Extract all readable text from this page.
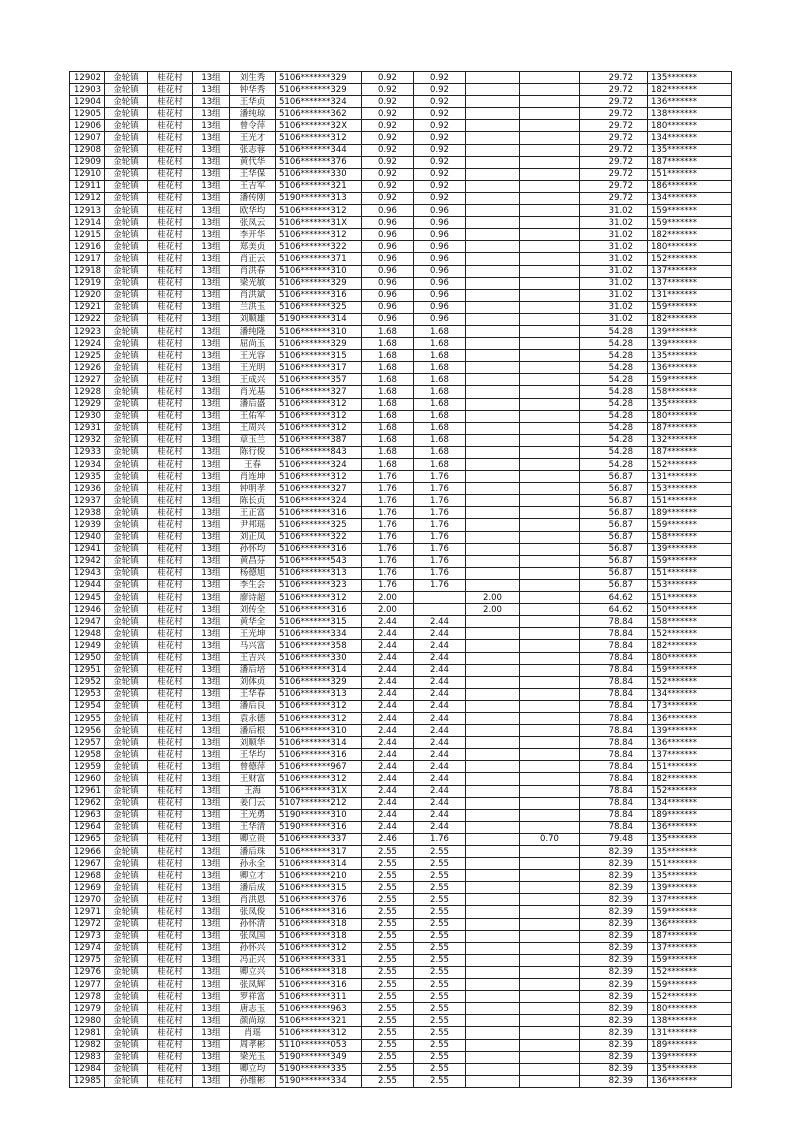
12902	金轮镇	桂花村	13组	刘生秀	5106*******329	0.92	0.92			29.72	135*******
12903	金轮镇	桂花村	13组	钟华秀	5106*******329	0.92	0.92			29.72	182*******
12904	金轮镇	桂花村	13组	王华贞	5106*******324	0.92	0.92			29.72	136*******
12905	金轮镇	桂花村	13组	潘纯琼	5106*******362	0.92	0.92			29.72	138*******
12906	金轮镇	桂花村	13组	曾令萍	5106*******32X	0.92	0.92			29.72	180*******
12907	金轮镇	桂花村	13组	王光才	5106*******312	0.92	0.92			29.72	134*******
12908	金轮镇	桂花村	13组	张志蓉	5106*******344	0.92	0.92			29.72	135*******
12909	金轮镇	桂花村	13组	黄代华	5106*******376	0.92	0.92			29.72	187*******
12910	金轮镇	桂花村	13组	王华保	5106*******330	0.92	0.92			29.72	151*******
12911	金轮镇	桂花村	13组	王吉军	5106*******321	0.92	0.92			29.72	186*******
12912	金轮镇	桂花村	13组	潘传刚	5190*******313	0.92	0.92			29.72	134*******
12913	金轮镇	桂花村	13组	欧华均	5106*******312	0.96	0.96			31.02	159*******
12914	金轮镇	桂花村	13组	张凤云	5106*******31X	0.96	0.96			31.02	159*******
12915	金轮镇	桂花村	13组	李开华	5106*******312	0.96	0.96			31.02	182*******
12916	金轮镇	桂花村	13组	郑美贞	5106*******322	0.96	0.96			31.02	180*******
12917	金轮镇	桂花村	13组	肖正云	5106*******371	0.96	0.96			31.02	152*******
12918	金轮镇	桂花村	13组	肖洪春	5106*******310	0.96	0.96			31.02	137*******
12919	金轮镇	桂花村	13组	梁光敏	5106*******329	0.96	0.96			31.02	137*******
12920	金轮镇	桂花村	13组	肖洪斌	5106*******316	0.96	0.96			31.02	131*******
12921	金轮镇	桂花村	13组	兰洪玉	5106*******325	0.96	0.96			31.02	159*******
12922	金轮镇	桂花村	13组	刘顺雄	5190*******314	0.96	0.96			31.02	182*******
12923	金轮镇	桂花村	13组	潘纯隆	5106*******310	1.68	1.68			54.28	139*******
12924	金轮镇	桂花村	13组	屈尚玉	5106*******329	1.68	1.68			54.28	139*******
12925	金轮镇	桂花村	13组	王光容	5106*******315	1.68	1.68			54.28	135*******
12926	金轮镇	桂花村	13组	王光明	5106*******317	1.68	1.68			54.28	136*******
12927	金轮镇	桂花村	13组	王成兴	5106*******357	1.68	1.68			54.28	159*******
12928	金轮镇	桂花村	13组	肖光基	5106*******327	1.68	1.68			54.28	158*******
12929	金轮镇	桂花村	13组	潘后盛	5106*******312	1.68	1.68			54.28	135*******
12930	金轮镇	桂花村	13组	王佑军	5106*******312	1.68	1.68			54.28	180*******
12931	金轮镇	桂花村	13组	王周兴	5106*******312	1.68	1.68			54.28	187*******
12932	金轮镇	桂花村	13组	章玉兰	5106*******387	1.68	1.68			54.28	132*******
12933	金轮镇	桂花村	13组	陈行俊	5106*******843	1.68	1.68			54.28	187*******
12934	金轮镇	桂花村	13组	王春	5106*******324	1.68	1.68			54.28	152*******
12935	金轮镇	桂花村	13组	肖连坤	5106*******312	1.76	1.76			56.87	131*******
12936	金轮镇	桂花村	13组	钟明孝	5106*******327	1.76	1.76			56.87	153*******
12937	金轮镇	桂花村	13组	陈长贞	5106*******324	1.76	1.76			56.87	151*******
12938	金轮镇	桂花村	13组	王正富	5106*******316	1.76	1.76			56.87	189*******
12939	金轮镇	桂花村	13组	尹邦瑶	5106*******325	1.76	1.76			56.87	159*******
12940	金轮镇	桂花村	13组	刘正凤	5106*******322	1.76	1.76			56.87	158*******
12941	金轮镇	桂花村	13组	孙怀均	5106*******316	1.76	1.76			56.87	139*******
12942	金轮镇	桂花村	13组	黄昌芬	5106*******543	1.76	1.76			56.87	159*******
12943	金轮镇	桂花村	13组	杨德旭	5106*******313	1.76	1.76			56.87	151*******
12944	金轮镇	桂花村	13组	李生会	5106*******323	1.76	1.76			56.87	153*******
12945	金轮镇	桂花村	13组	廖诗超	5106*******312	2.00		2.00		64.62	151*******
12946	金轮镇	桂花村	13组	刘传全	5106*******316	2.00		2.00		64.62	150*******
12947	金轮镇	桂花村	13组	黄华全	5106*******315	2.44	2.44			78.84	158*******
12948	金轮镇	桂花村	13组	王光坤	5106*******334	2.44	2.44			78.84	152*******
12949	金轮镇	桂花村	13组	马兴富	5106*******358	2.44	2.44			78.84	182*******
12950	金轮镇	桂花村	13组	王吉兴	5106*******330	2.44	2.44			78.84	180*******
12951	金轮镇	桂花村	13组	潘后培	5106*******314	2.44	2.44			78.84	159*******
12952	金轮镇	桂花村	13组	刘体贞	5106*******329	2.44	2.44			78.84	152*******
12953	金轮镇	桂花村	13组	王华春	5106*******313	2.44	2.44			78.84	134*******
12954	金轮镇	桂花村	13组	潘后良	5106*******312	2.44	2.44			78.84	173*******
12955	金轮镇	桂花村	13组	袁永德	5106*******312	2.44	2.44			78.84	136*******
12956	金轮镇	桂花村	13组	潘后根	5106*******310	2.44	2.44			78.84	139*******
12957	金轮镇	桂花村	13组	刘顺华	5106*******314	2.44	2.44			78.84	136*******
12958	金轮镇	桂花村	13组	王华均	5106*******316	2.44	2.44			78.84	137*******
12959	金轮镇	桂花村	13组	曾德萍	5106*******967	2.44	2.44			78.84	151*******
12960	金轮镇	桂花村	13组	王财富	5106*******312	2.44	2.44			78.84	182*******
12961	金轮镇	桂花村	13组	王海	5106*******31X	2.44	2.44			78.84	152*******
12962	金轮镇	桂花村	13组	姜门云	5107*******212	2.44	2.44			78.84	134*******
12963	金轮镇	桂花村	13组	王光勇	5190*******310	2.44	2.44			78.84	189*******
12964	金轮镇	桂花村	13组	王华清	5190*******316	2.44	2.44			78.84	136*******
12965	金轮镇	桂花村	13组	卿立贵	5106*******337	2.46	1.76		0.70	79.48	135*******
12966	金轮镇	桂花村	13组	潘后珠	5106*******317	2.55	2.55			82.39	135*******
12967	金轮镇	桂花村	13组	孙永全	5106*******314	2.55	2.55			82.39	151*******
12968	金轮镇	桂花村	13组	卿立才	5106*******210	2.55	2.55			82.39	135*******
12969	金轮镇	桂花村	13组	潘后成	5106*******315	2.55	2.55			82.39	139*******
12970	金轮镇	桂花村	13组	肖洪恩	5106*******376	2.55	2.55			82.39	137*******
12971	金轮镇	桂花村	13组	张凤俊	5106*******316	2.55	2.55			82.39	159*******
12972	金轮镇	桂花村	13组	孙怀清	5106*******318	2.55	2.55			82.39	136*******
12973	金轮镇	桂花村	13组	张凤国	5106*******318	2.55	2.55			82.39	187*******
12974	金轮镇	桂花村	13组	孙怀兴	5106*******312	2.55	2.55			82.39	137*******
12975	金轮镇	桂花村	13组	冯正兴	5106*******331	2.55	2.55			82.39	159*******
12976	金轮镇	桂花村	13组	卿立兴	5106*******318	2.55	2.55			82.39	152*******
12977	金轮镇	桂花村	13组	张凤辉	5106*******316	2.55	2.55			82.39	159*******
12978	金轮镇	桂花村	13组	罗祥富	5106*******311	2.55	2.55			82.39	152*******
12979	金轮镇	桂花村	13组	唐志玉	5106*******963	2.55	2.55			82.39	180*******
12980	金轮镇	桂花村	13组	颜尚琼	5106*******321	2.55	2.55			82.39	138*******
12981	金轮镇	桂花村	13组	肖瑶	5106*******312	2.55	2.55			82.39	131*******
12982	金轮镇	桂花村	13组	周孝彬	5110*******053	2.55	2.55			82.39	189*******
12983	金轮镇	桂花村	13组	梁光玉	5190*******349	2.55	2.55			82.39	139*******
12984	金轮镇	桂花村	13组	卿立均	5190*******335	2.55	2.55			82.39	135*******
12985	金轮镇	桂花村	13组	孙维彬	5190*******334	2.55	2.55			82.39	136*******
